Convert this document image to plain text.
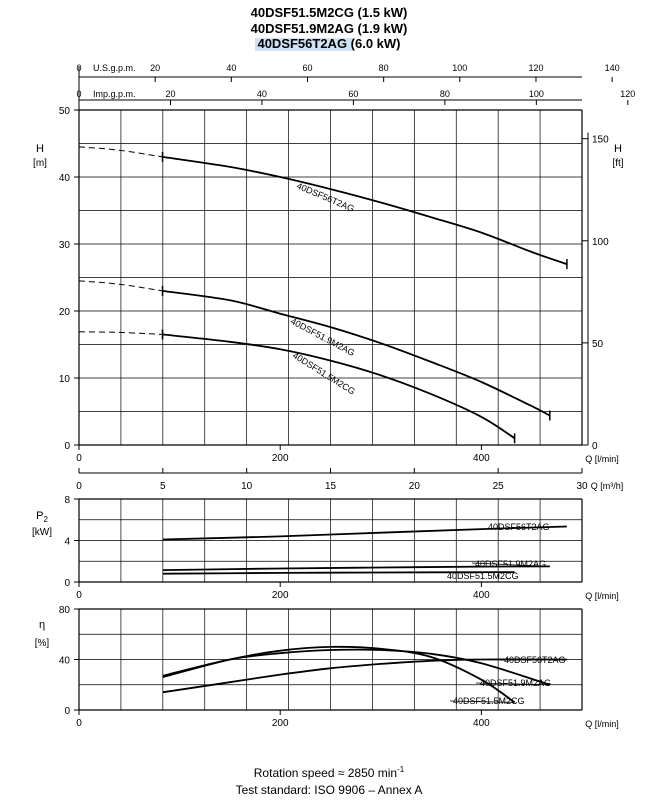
40DSF51.5M2CG (1.5 kW)
40DSF51.9M2AG (1.9 kW)
40DSF56T2AG (6.0 kW)
0
10
20
30
40
50
0	200	400	Q [l/min]
H
[m]
H
[ft]
0
50
100
150
0	20	40	60	80	100	120	140
U.S.g.p.m.
0	20	40	60	80	100	120
Imp.g.p.m.
0	5	10	15	20	25	30 Q [m³/h]
40DSF56T2AG
40DSF51.9M2AG
40DSF51.5M2CG
0
4
8
0	200	400	Q [l/min]
$P_2$
[kW]	40DSF56T2AG
40DSF51.9M2AG
40DSF51.5M2CG
0
40
80
0	200	400	Q [l/min]
η
[%]
40DSF56T2AG
40DSF51.9M2AG
40DSF51.5M2CG
Rotation speed ≈ 2850 $\min^{-1}$
Test standard: ISO 9906 – Annex A
